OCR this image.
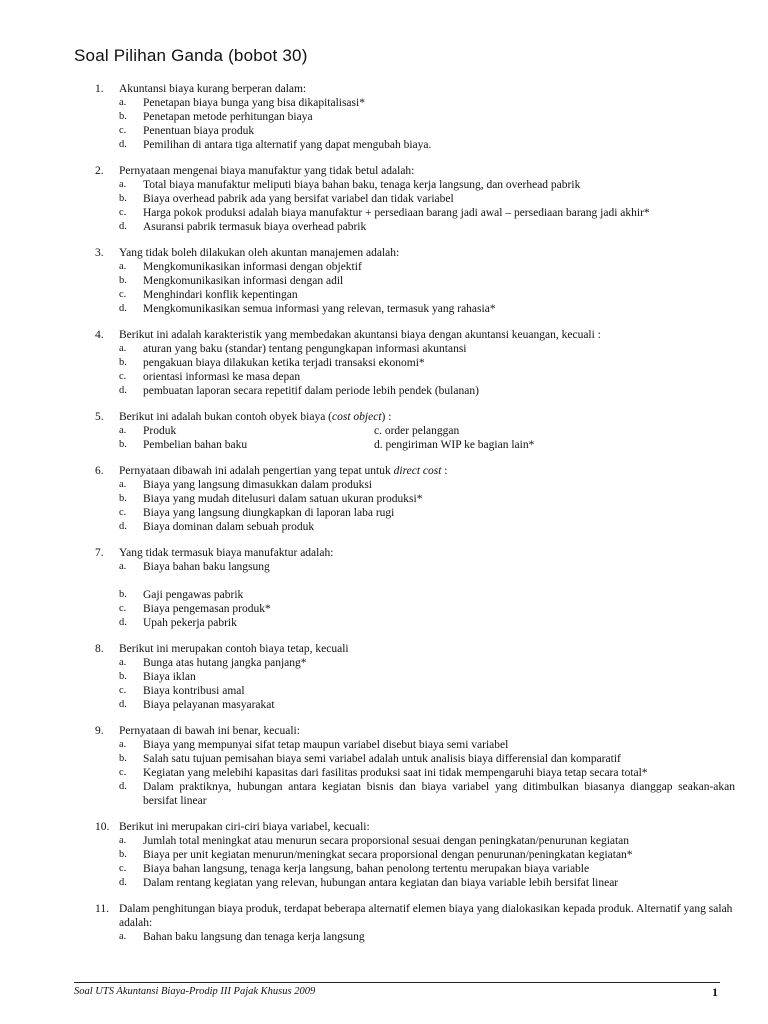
Soal Pilihan Ganda (bobot 30)
1. Akuntansi biaya kurang berperan dalam:
a. Penetapan biaya bunga yang bisa dikapitalisasi*
b. Penetapan metode perhitungan biaya
c. Penentuan biaya produk
d. Pemilihan di antara tiga alternatif yang dapat mengubah biaya.
2. Pernyataan mengenai biaya manufaktur yang tidak betul adalah:
a. Total biaya manufaktur meliputi biaya bahan baku, tenaga kerja langsung, dan overhead pabrik
b. Biaya overhead pabrik ada yang bersifat variabel dan tidak variabel
c. Harga pokok produksi adalah biaya manufaktur + persediaan barang jadi awal – persediaan barang jadi akhir*
d. Asuransi pabrik termasuk biaya overhead pabrik
3. Yang tidak boleh dilakukan oleh akuntan manajemen adalah:
a. Mengkomunikasikan informasi dengan objektif
b. Mengkomunikasikan informasi dengan adil
c. Menghindari konflik kepentingan
d. Mengkomunikasikan semua informasi yang relevan, termasuk yang rahasia*
4. Berikut ini adalah karakteristik yang membedakan akuntansi biaya dengan akuntansi keuangan, kecuali :
a. aturan yang baku (standar) tentang pengungkapan informasi akuntansi
b. pengakuan biaya dilakukan ketika terjadi transaksi ekonomi*
c. orientasi informasi ke masa depan
d. pembuatan laporan secara repetitif dalam periode lebih pendek (bulanan)
5. Berikut ini adalah bukan contoh obyek biaya (cost object) :
a. Produk	c. order pelanggan
b. Pembelian bahan baku	d. pengiriman WIP ke bagian lain*
6. Pernyataan dibawah ini adalah pengertian yang tepat untuk direct cost :
a. Biaya yang langsung dimasukkan dalam produksi
b. Biaya yang mudah ditelusuri dalam satuan ukuran produksi*
c. Biaya yang langsung diungkapkan di laporan laba rugi
d. Biaya dominan dalam sebuah produk
7. Yang tidak termasuk biaya manufaktur adalah:
a. Biaya bahan baku langsung
b. Gaji pengawas pabrik
c. Biaya pengemasan produk*
d. Upah pekerja pabrik
8. Berikut ini merupakan contoh biaya tetap, kecuali
a. Bunga atas hutang jangka panjang*
b. Biaya iklan
c. Biaya kontribusi amal
d. Biaya pelayanan masyarakat
9. Pernyataan di bawah ini benar, kecuali:
a. Biaya yang mempunyai sifat tetap maupun variabel disebut biaya semi variabel
b. Salah satu tujuan pemisahan biaya semi variabel adalah untuk analisis biaya differensial dan komparatif
c. Kegiatan yang melebihi kapasitas dari fasilitas produksi saat ini tidak mempengaruhi biaya tetap secara total*
d. Dalam praktiknya, hubungan antara kegiatan bisnis dan biaya variabel yang ditimbulkan biasanya dianggap seakan-akan bersifat linear
10. Berikut ini merupakan ciri-ciri biaya variabel, kecuali:
a. Jumlah total meningkat atau menurun secara proporsional sesuai dengan peningkatan/penurunan kegiatan
b. Biaya per unit kegiatan menurun/meningkat secara proporsional dengan penurunan/peningkatan kegiatan*
c. Biaya bahan langsung, tenaga kerja langsung, bahan penolong tertentu merupakan biaya variable
d. Dalam rentang kegiatan yang relevan, hubungan antara kegiatan dan biaya variable lebih bersifat linear
11. Dalam penghitungan biaya produk, terdapat beberapa alternatif elemen biaya yang dialokasikan kepada produk. Alternatif yang salah adalah:
a. Bahan baku langsung dan tenaga kerja langsung
Soal UTS Akuntansi Biaya-Prodip III Pajak Khusus 2009	1
